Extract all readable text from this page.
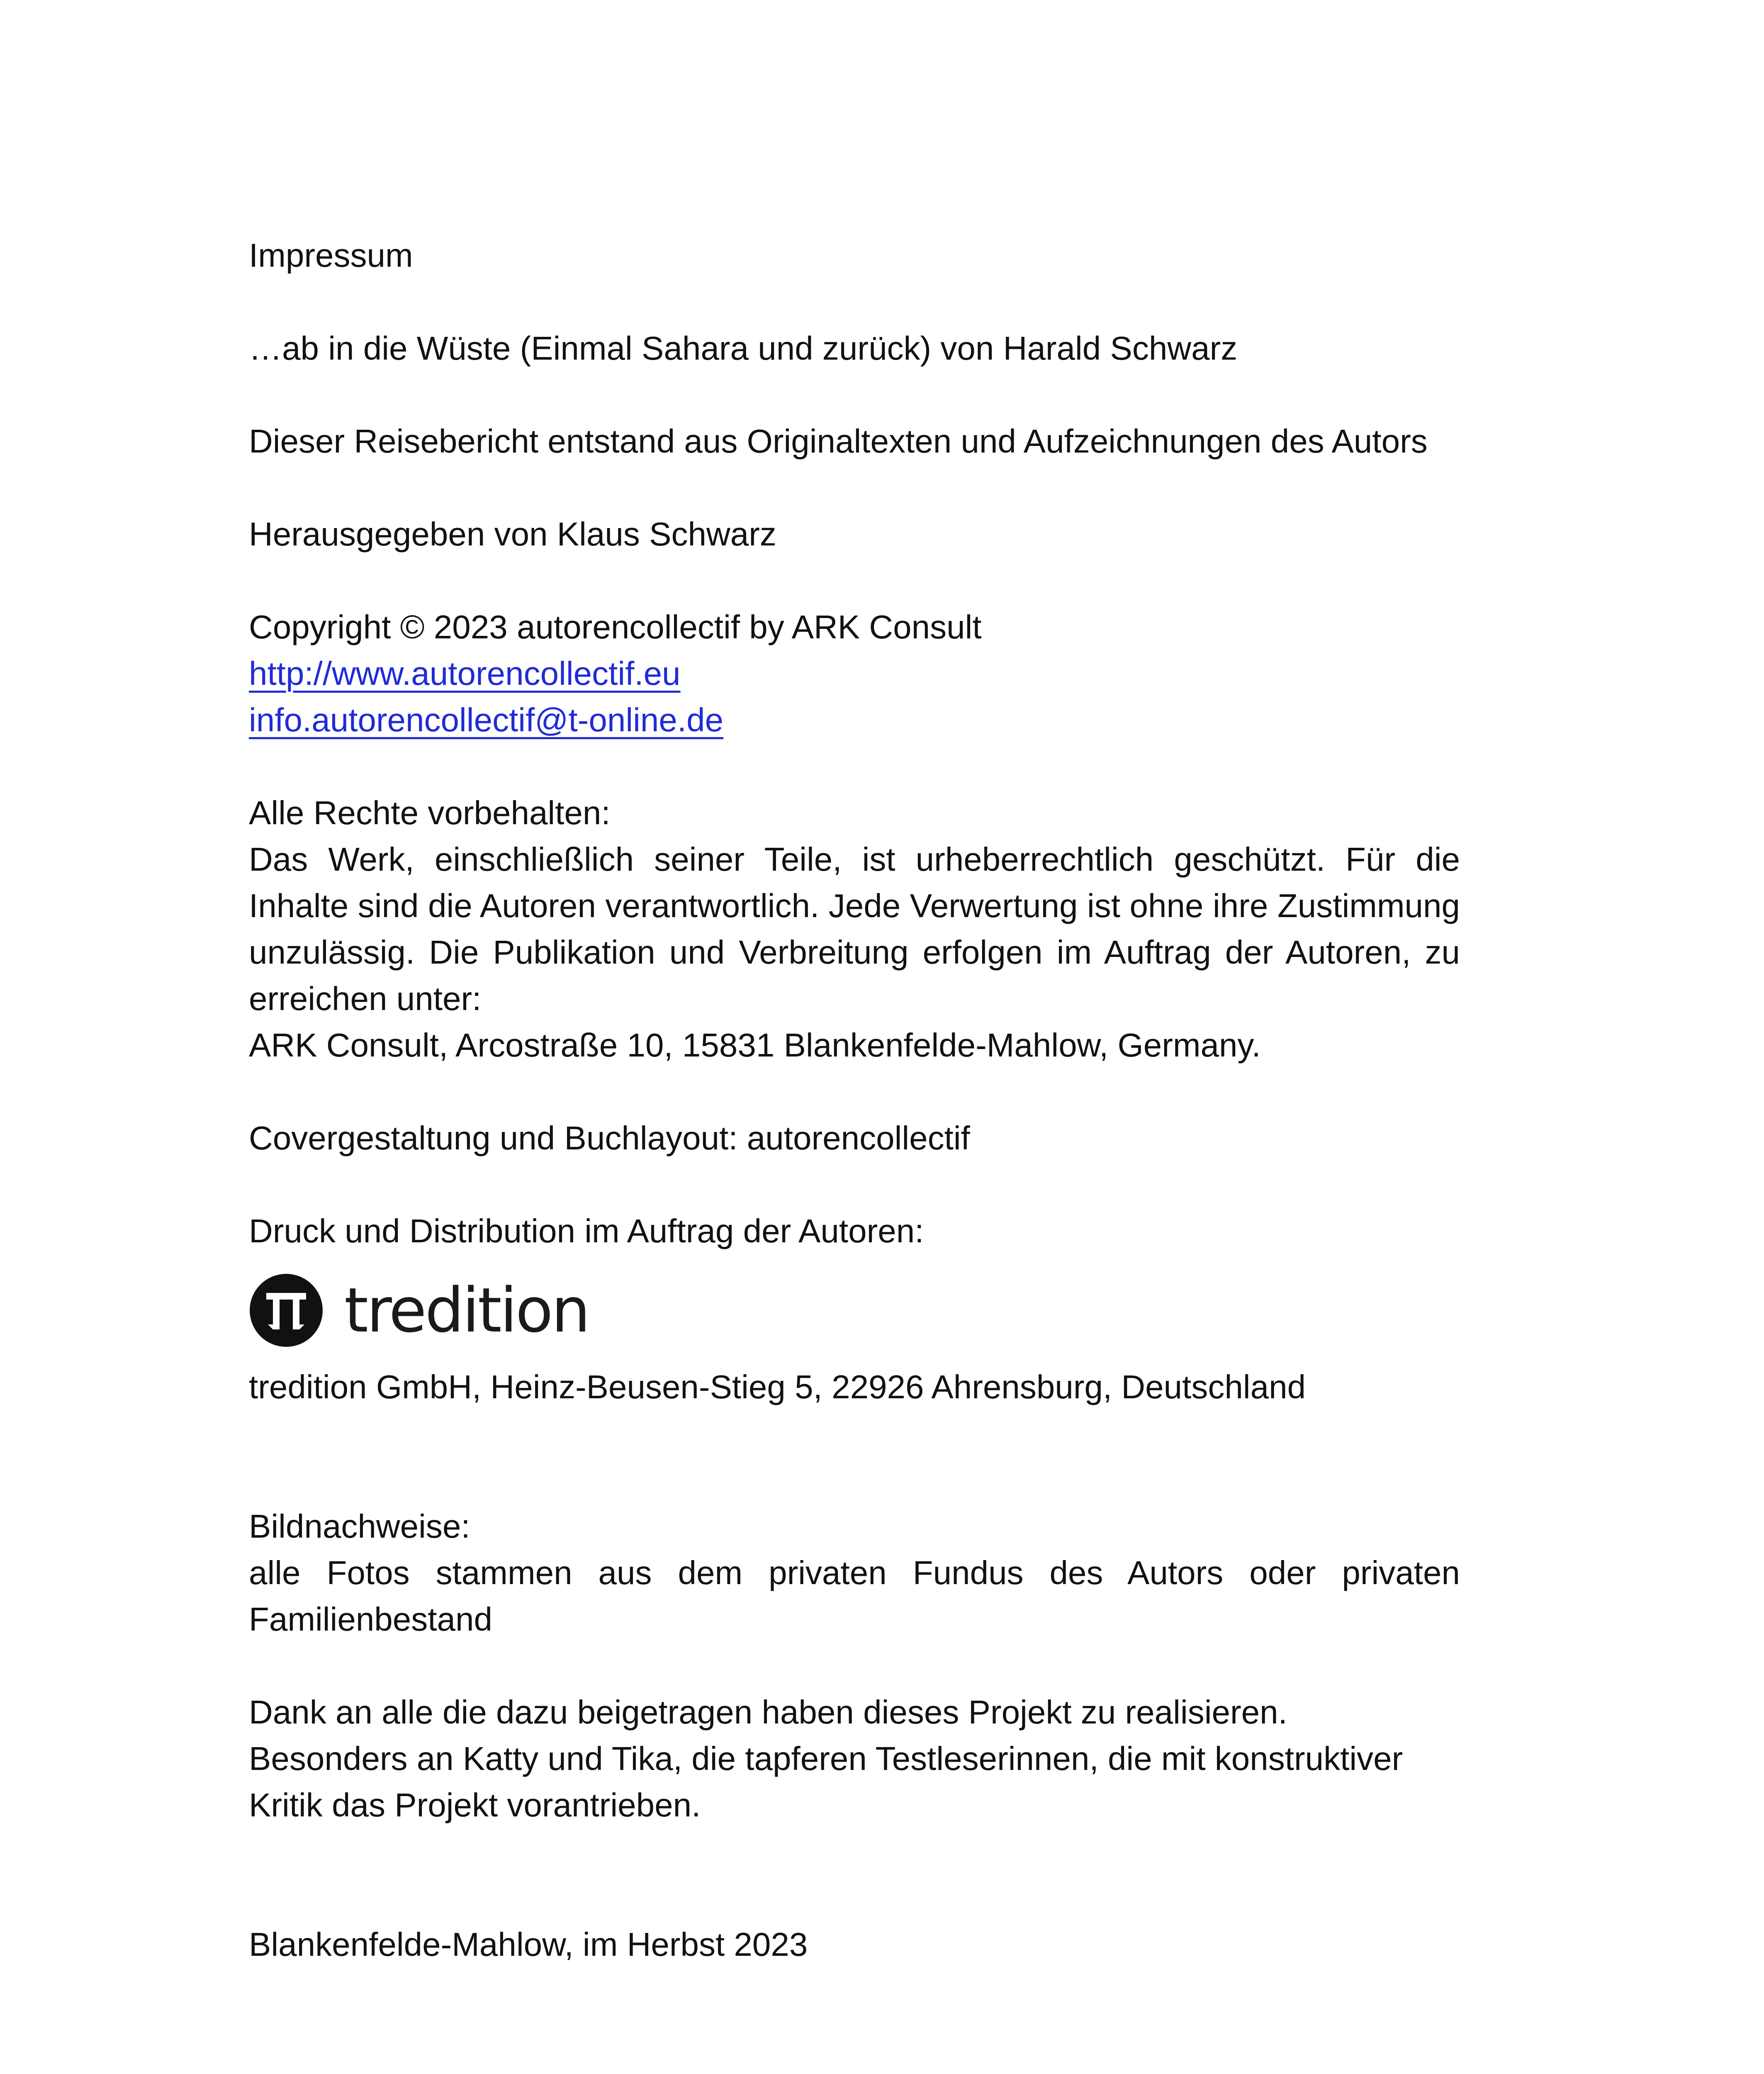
Impressum

…ab in die Wüste (Einmal Sahara und zurück) von Harald Schwarz

Dieser Reisebericht entstand aus Originaltexten und Aufzeichnungen des Autors

Herausgegeben von Klaus Schwarz

Copyright © 2023 autorencollectif by ARK Consult

http://www.autorencollectif.eu
info.autorencollectif@t-online.de

Alle Rechte vorbehalten:

Das Werk, einschließlich seiner Teile, ist urheberrechtlich geschützt. Für die Inhalte sind die Autoren verantwortlich. Jede Verwertung ist ohne ihre Zustimmung unzulässig. Die Publikation und Verbreitung erfolgen im Auftrag der Autoren, zu erreichen unter:

ARK Consult, Arcostraße 10, 15831 Blankenfelde-Mahlow, Germany.

Covergestaltung und Buchlayout: autorencollectif

Druck und Distribution im Auftrag der Autoren:

tredition

tredition GmbH, Heinz-Beusen-Stieg 5, 22926 Ahrensburg, Deutschland

Bildnachweise:

alle Fotos stammen aus dem privaten Fundus des Autors oder privaten Familienbestand

Dank an alle die dazu beigetragen haben dieses Projekt zu realisieren.

Besonders an Katty und Tika, die tapferen Testleserinnen, die mit konstruktiver Kritik das Projekt vorantrieben.

Blankenfelde-Mahlow, im Herbst 2023
